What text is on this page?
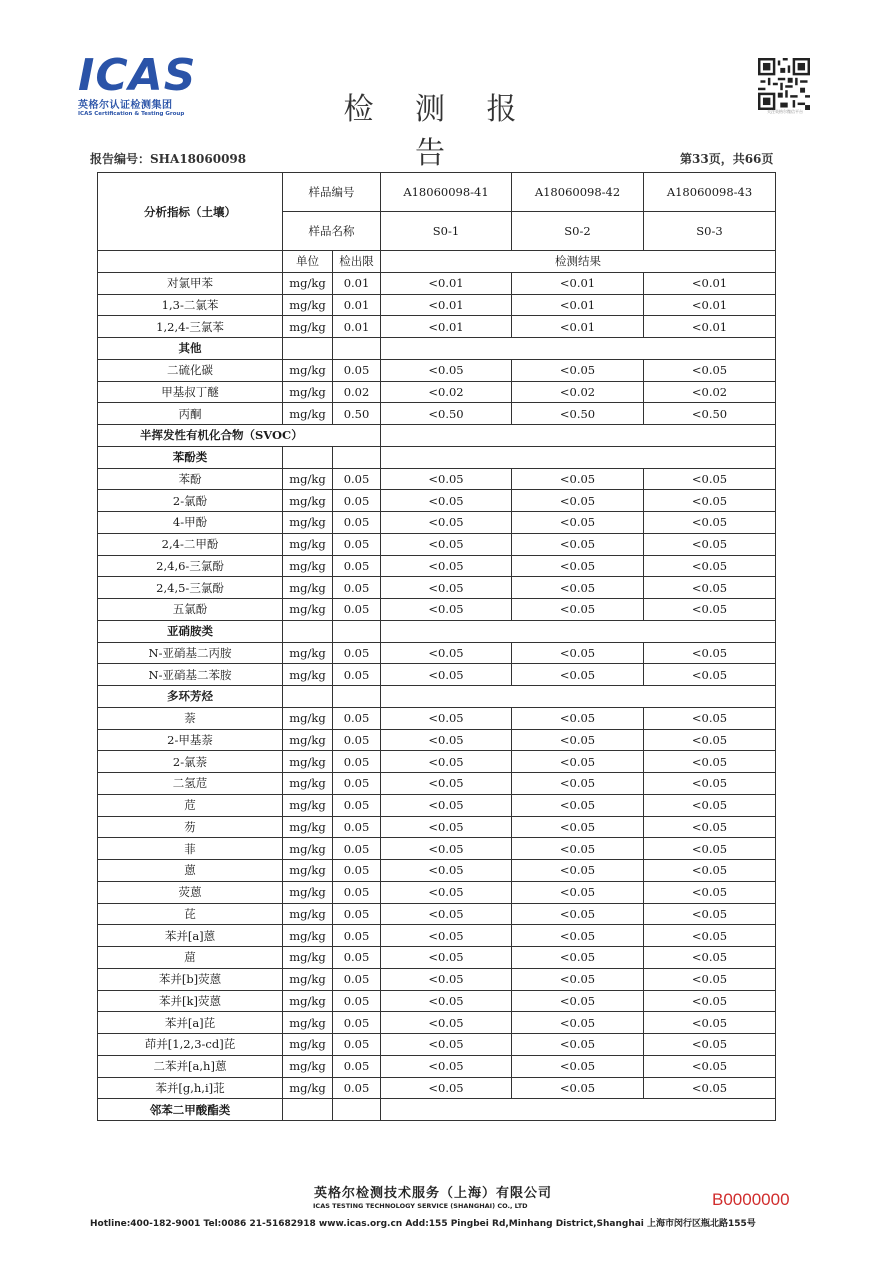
ICAS
英格尔认证检测集团
ICAS Certification & Testing Group	检 测 报 告
关注英格尔微信平台
报告编号：SHA18060098	第33页，共66页
分析指标（土壤）	样品编号		A18060098-41	A18060098-42	A18060098-43
	样品名称		S0-1	S0-2	S0-3
	单位	检出限	检测结果		
对氯甲苯	mg/kg	0.01	<0.01	<0.01	<0.01
1,3-二氯苯	mg/kg	0.01	<0.01	<0.01	<0.01
1,2,4-三氯苯	mg/kg	0.01	<0.01	<0.01	<0.01
其他					
二硫化碳	mg/kg	0.05	<0.05	<0.05	<0.05
甲基叔丁醚	mg/kg	0.02	<0.02	<0.02	<0.02
丙酮	mg/kg	0.50	<0.50	<0.50	<0.50
半挥发性有机化合物（SVOC）					
苯酚类					
苯酚	mg/kg	0.05	<0.05	<0.05	<0.05
2-氯酚	mg/kg	0.05	<0.05	<0.05	<0.05
4-甲酚	mg/kg	0.05	<0.05	<0.05	<0.05
2,4-二甲酚	mg/kg	0.05	<0.05	<0.05	<0.05
2,4,6-三氯酚	mg/kg	0.05	<0.05	<0.05	<0.05
2,4,5-三氯酚	mg/kg	0.05	<0.05	<0.05	<0.05
五氯酚	mg/kg	0.05	<0.05	<0.05	<0.05
亚硝胺类					
N-亚硝基二丙胺	mg/kg	0.05	<0.05	<0.05	<0.05
N-亚硝基二苯胺	mg/kg	0.05	<0.05	<0.05	<0.05
多环芳烃					
萘	mg/kg	0.05	<0.05	<0.05	<0.05
2-甲基萘	mg/kg	0.05	<0.05	<0.05	<0.05
2-氯萘	mg/kg	0.05	<0.05	<0.05	<0.05
二氢苊	mg/kg	0.05	<0.05	<0.05	<0.05
苊	mg/kg	0.05	<0.05	<0.05	<0.05
芴	mg/kg	0.05	<0.05	<0.05	<0.05
菲	mg/kg	0.05	<0.05	<0.05	<0.05
蒽	mg/kg	0.05	<0.05	<0.05	<0.05
荧蒽	mg/kg	0.05	<0.05	<0.05	<0.05
芘	mg/kg	0.05	<0.05	<0.05	<0.05
苯并[a]蒽	mg/kg	0.05	<0.05	<0.05	<0.05
䓛	mg/kg	0.05	<0.05	<0.05	<0.05
苯并[b]荧蒽	mg/kg	0.05	<0.05	<0.05	<0.05
苯并[k]荧蒽	mg/kg	0.05	<0.05	<0.05	<0.05
苯并[a]芘	mg/kg	0.05	<0.05	<0.05	<0.05
茚并[1,2,3-cd]芘	mg/kg	0.05	<0.05	<0.05	<0.05
二苯并[a,h]蒽	mg/kg	0.05	<0.05	<0.05	<0.05
苯并[g,h,i]苝	mg/kg	0.05	<0.05	<0.05	<0.05
邻苯二甲酸酯类					
英格尔检测技术服务（上海）有限公司
ICAS TESTING TECHNOLOGY SERVICE (SHANGHAI) CO., LTD	B0000000
Hotline:400-182-9001 Tel:0086 21-51682918 www.icas.org.cn Add:155 Pingbei Rd,Minhang District,Shanghai 上海市闵行区瓶北路155号
